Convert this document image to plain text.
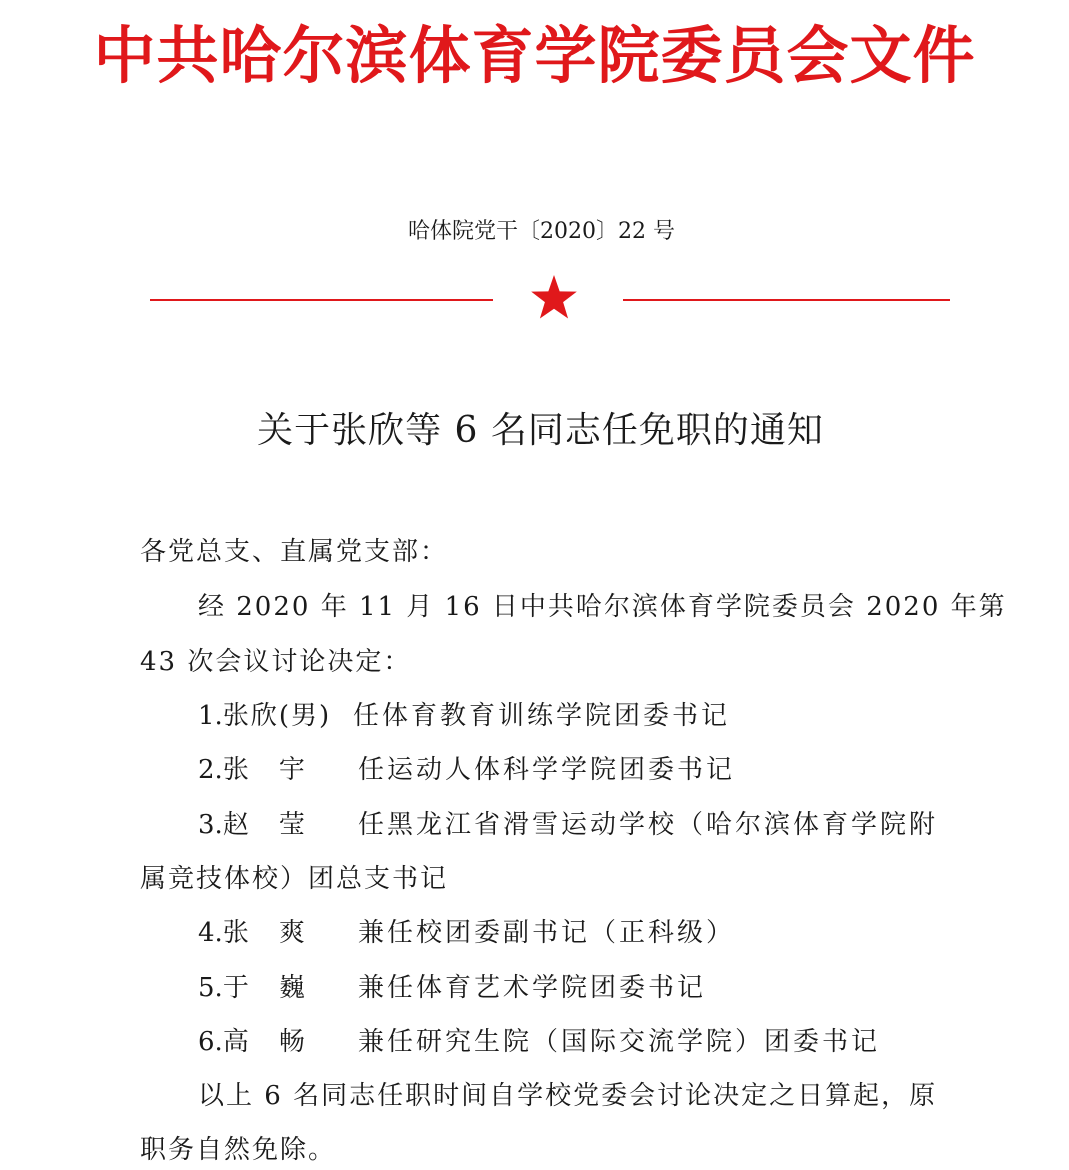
中共哈尔滨体育学院委员会文件
哈体院党干〔2020〕22 号
关于张欣等 6 名同志任免职的通知
各党总支、直属党支部：
经 2020 年 11 月 16 日中共哈尔滨体育学院委员会 2020 年第
43 次会议讨论决定：
1.张欣(男) 任体育教育训练学院团委书记
2.张　宇 任运动人体科学学院团委书记
3.赵　莹 任黑龙江省滑雪运动学校（哈尔滨体育学院附
属竞技体校）团总支书记
4.张　爽 兼任校团委副书记（正科级）
5.于　巍 兼任体育艺术学院团委书记
6.高　畅 兼任研究生院（国际交流学院）团委书记
以上 6 名同志任职时间自学校党委会讨论决定之日算起，原
职务自然免除。
